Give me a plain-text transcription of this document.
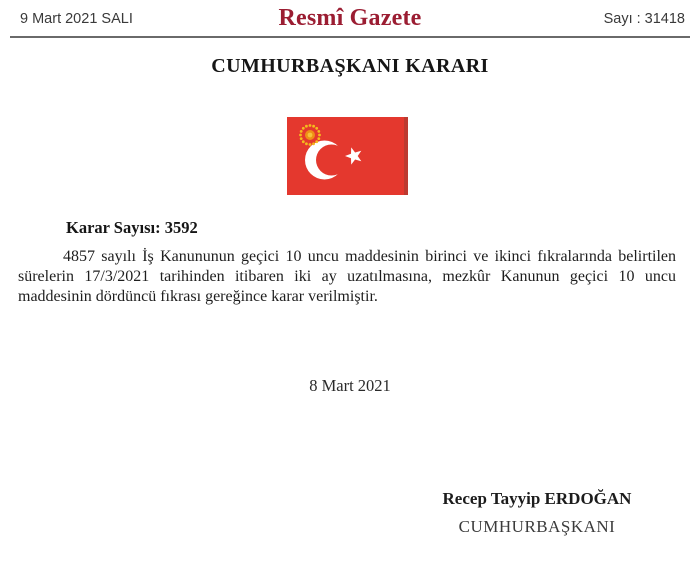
9 Mart 2021 SALI	Resmî Gazete	Sayı : 31418
CUMHURBAŞKANI KARARI
Karar Sayısı: 3592
4857 sayılı İş Kanununun geçici 10 uncu maddesinin birinci ve ikinci fıkralarında belirtilen sürelerin 17/3/2021 tarihinden itibaren iki ay uzatılmasına, mezkûr Kanunun geçici 10 uncu maddesinin dördüncü fıkrası gereğince karar verilmiştir.
8 Mart 2021
Recep Tayyip ERDOĞAN
CUMHURBAŞKANI
